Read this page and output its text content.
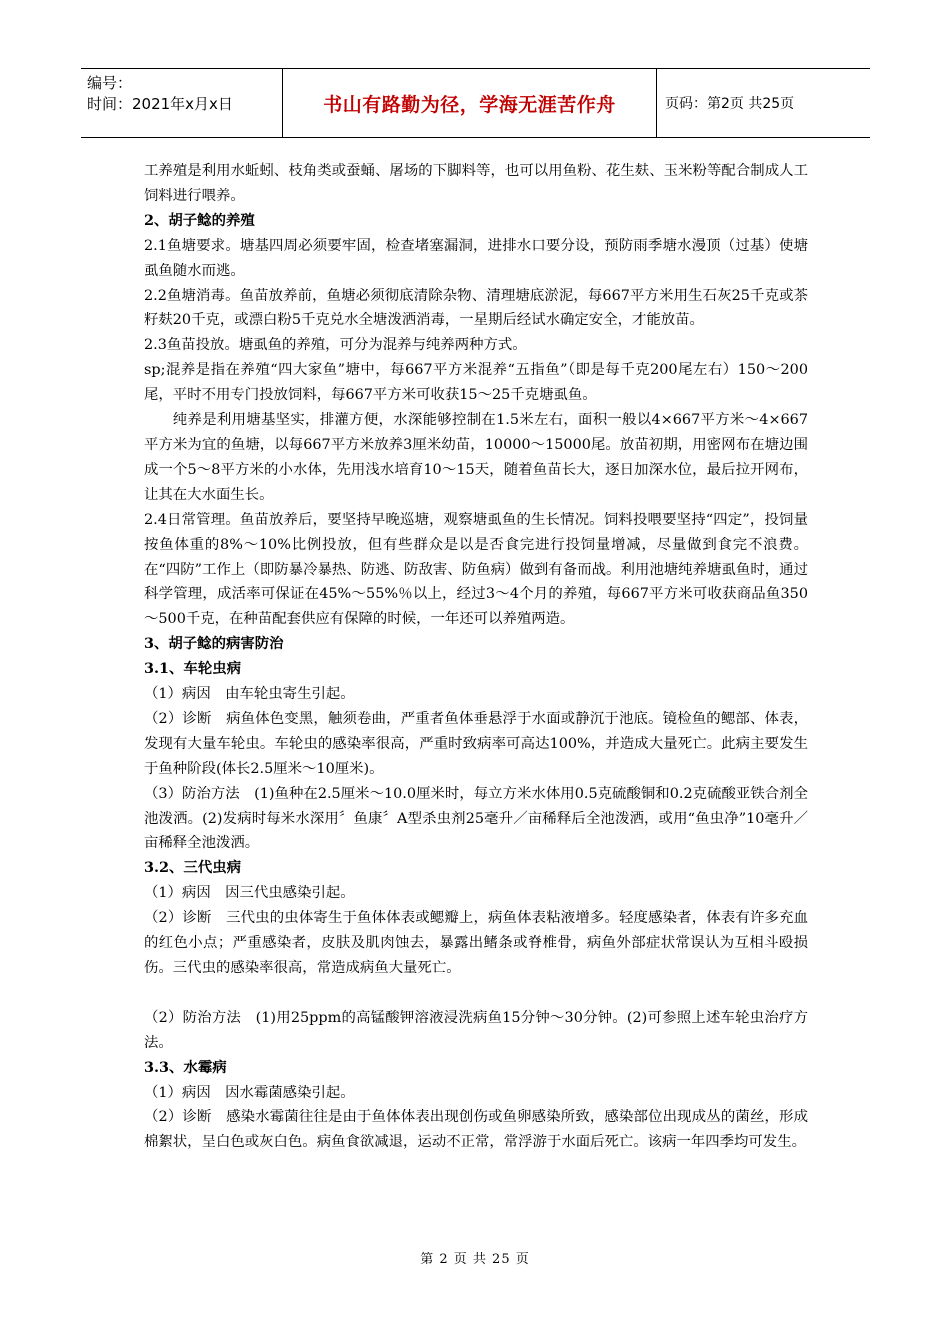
编号：
时间：2021年x月x日	书山有路勤为径，学海无涯苦作舟	页码：第2页 共25页

工养殖是利用水蚯蚓、枝角类或蚕蛹、屠场的下脚料等，也可以用鱼粉、花生麸、玉米粉等配合制成人工饲料进行喂养。

2、胡子鲶的养殖

2.1鱼塘要求。塘基四周必须要牢固，检查堵塞漏洞，进排水口要分设，预防雨季塘水漫顶（过基）使塘虱鱼随水而逃。

2.2鱼塘消毒。鱼苗放养前，鱼塘必须彻底清除杂物、清理塘底淤泥，每667平方米用生石灰25千克或茶籽麸20千克，或漂白粉5千克兑水全塘泼洒消毒，一星期后经试水确定安全，才能放苗。

2.3鱼苗投放。塘虱鱼的养殖，可分为混养与纯养两种方式。

sp;混养是指在养殖“四大家鱼”塘中，每667平方米混养“五指鱼”（即是每千克200尾左右）150～200尾，平时不用专门投放饲料，每667平方米可收获15～25千克塘虱鱼。

纯养是利用塘基坚实，排灌方便，水深能够控制在1.5米左右，面积一般以4×667平方米～4×667平方米为宜的鱼塘，以每667平方米放养3厘米幼苗，10000～15000尾。放苗初期，用密网布在塘边围成一个5～8平方米的小水体，先用浅水培育10～15天，随着鱼苗长大，逐日加深水位，最后拉开网布，让其在大水面生长。

2.4日常管理。鱼苗放养后，要坚持早晚巡塘，观察塘虱鱼的生长情况。饲料投喂要坚持“四定”，投饲量按鱼体重的8%～10%比例投放，但有些群众是以是否食完进行投饲量增减，尽量做到食完不浪费。在“四防”工作上（即防暴冷暴热、防逃、防敌害、防鱼病）做到有备而战。利用池塘纯养塘虱鱼时，通过科学管理，成活率可保证在45%～55%％以上，经过3～4个月的养殖，每667平方米可收获商品鱼350～500千克，在种苗配套供应有保障的时候，一年还可以养殖两造。

3、胡子鲶的病害防治

3.1、车轮虫病

（1）病因　由车轮虫寄生引起。

（2）诊断　病鱼体色变黑，触须卷曲，严重者鱼体垂悬浮于水面或静沉于池底。镜检鱼的鳃部、体表，发现有大量车轮虫。车轮虫的感染率很高，严重时致病率可高达100%，并造成大量死亡。此病主要发生于鱼种阶段(体长2.5厘米～10厘米)。

（3）防治方法　(1)鱼种在2.5厘米～10.0厘米时，每立方米水体用0.5克硫酸铜和0.2克硫酸亚铁合剂全池泼洒。(2)发病时每米水深用〞鱼康〞A型杀虫剂25毫升／亩稀释后全池泼洒，或用“鱼虫净”10毫升／亩稀释全池泼洒。

3.2、三代虫病

（1）病因　因三代虫感染引起。

（2）诊断　三代虫的虫体寄生于鱼体体表或鳃瓣上，病鱼体表粘液增多。轻度感染者，体表有许多充血的红色小点；严重感染者，皮肤及肌肉蚀去，暴露出鳍条或脊椎骨，病鱼外部症状常误认为互相斗殴损伤。三代虫的感染率很高，常造成病鱼大量死亡。

（2）防治方法　(1)用25ppm的高锰酸钾溶液浸洗病鱼15分钟～30分钟。(2)可参照上述车轮虫治疗方法。

3.3、水霉病

（1）病因　因水霉菌感染引起。

（2）诊断　感染水霉菌往往是由于鱼体体表出现创伤或鱼卵感染所致，感染部位出现成丛的菌丝，形成棉絮状，呈白色或灰白色。病鱼食欲减退，运动不正常，常浮游于水面后死亡。该病一年四季均可发生。

第 2 页 共 25 页
